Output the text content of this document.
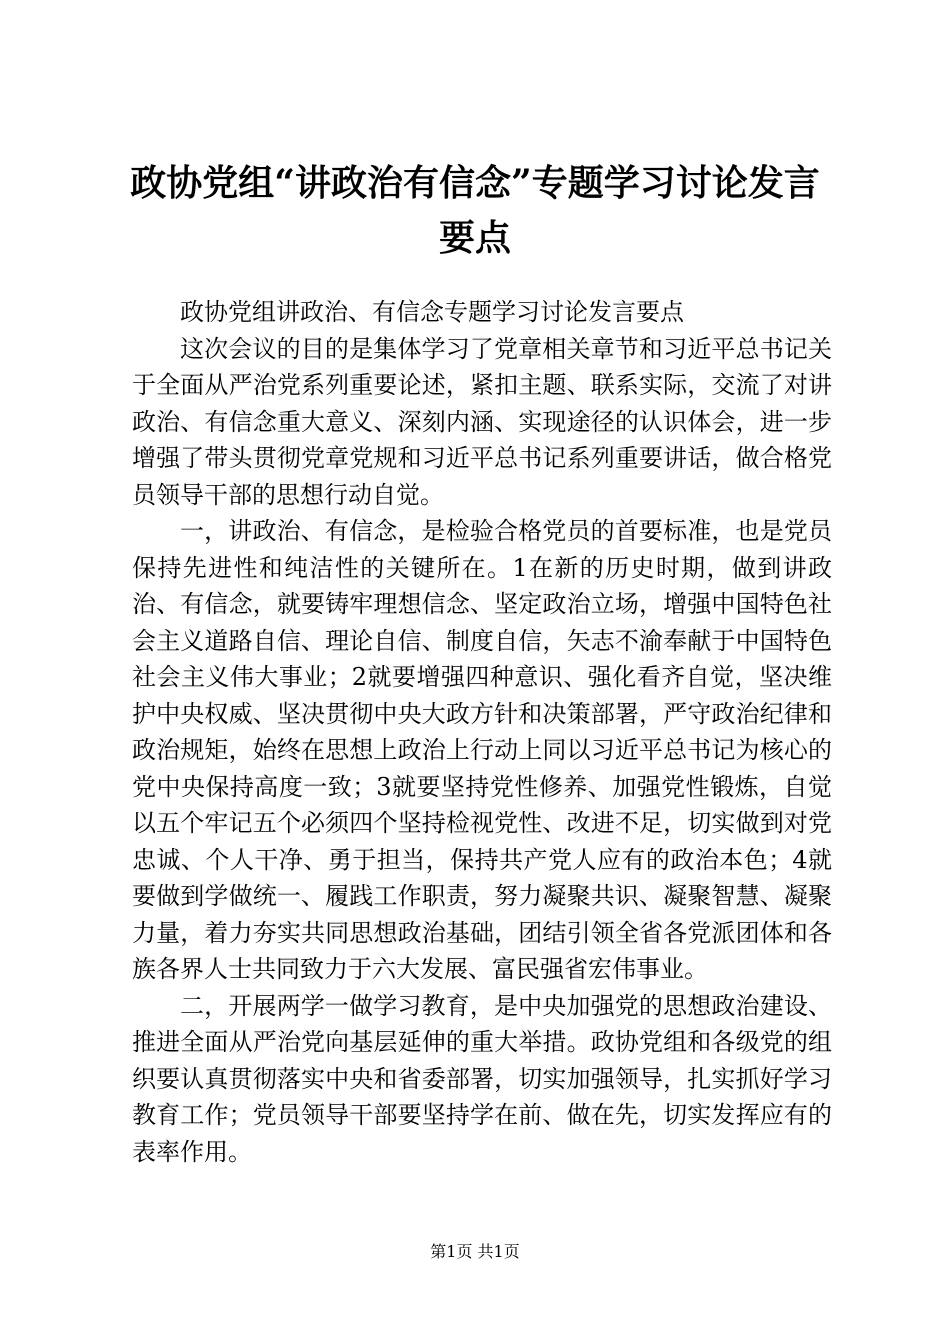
政协党组“讲政治有信念”专题学习讨论发言
要点

政协党组讲政治、有信念专题学习讨论发言要点

这次会议的目的是集体学习了党章相关章节和习近平总书记关于全面从严治党系列重要论述，紧扣主题、联系实际，交流了对讲政治、有信念重大意义、深刻内涵、实现途径的认识体会，进一步增强了带头贯彻党章党规和习近平总书记系列重要讲话，做合格党员领导干部的思想行动自觉。

一，讲政治、有信念，是检验合格党员的首要标准，也是党员保持先进性和纯洁性的关键所在。1在新的历史时期，做到讲政治、有信念，就要铸牢理想信念、坚定政治立场，增强中国特色社会主义道路自信、理论自信、制度自信，矢志不渝奉献于中国特色社会主义伟大事业；2就要增强四种意识、强化看齐自觉，坚决维护中央权威、坚决贯彻中央大政方针和决策部署，严守政治纪律和政治规矩，始终在思想上政治上行动上同以习近平总书记为核心的党中央保持高度一致；3就要坚持党性修养、加强党性锻炼，自觉以五个牢记五个必须四个坚持检视党性、改进不足，切实做到对党忠诚、个人干净、勇于担当，保持共产党人应有的政治本色；4就要做到学做统一、履践工作职责，努力凝聚共识、凝聚智慧、凝聚力量，着力夯实共同思想政治基础，团结引领全省各党派团体和各族各界人士共同致力于六大发展、富民强省宏伟事业。

二，开展两学一做学习教育，是中央加强党的思想政治建设、推进全面从严治党向基层延伸的重大举措。政协党组和各级党的组织要认真贯彻落实中央和省委部署，切实加强领导，扎实抓好学习教育工作；党员领导干部要坚持学在前、做在先，切实发挥应有的表率作用。

第1页 共1页
